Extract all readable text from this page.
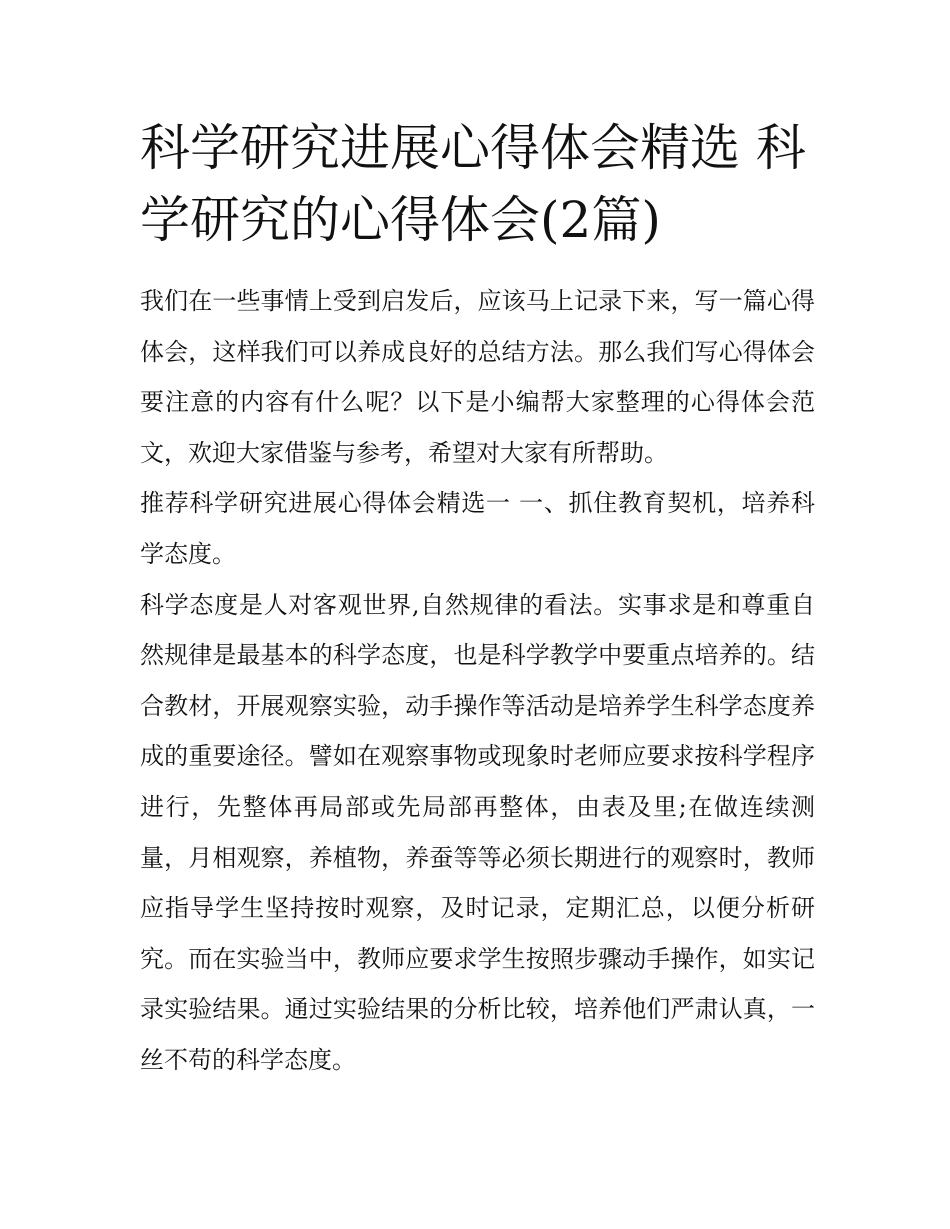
科学研究进展心得体会精选 科学研究的心得体会(2篇)

我们在一些事情上受到启发后，应该马上记录下来，写一篇心得体会，这样我们可以养成良好的总结方法。那么我们写心得体会要注意的内容有什么呢？以下是小编帮大家整理的心得体会范文，欢迎大家借鉴与参考，希望对大家有所帮助。

推荐科学研究进展心得体会精选一 一、抓住教育契机，培养科学态度。

科学态度是人对客观世界,自然规律的看法。实事求是和尊重自然规律是最基本的科学态度，也是科学教学中要重点培养的。结合教材，开展观察实验，动手操作等活动是培养学生科学态度养成的重要途径。譬如在观察事物或现象时老师应要求按科学程序进行，先整体再局部或先局部再整体，由表及里;在做连续测量，月相观察，养植物，养蚕等等必须长期进行的观察时，教师应指导学生坚持按时观察，及时记录，定期汇总，以便分析研究。而在实验当中，教师应要求学生按照步骤动手操作，如实记录实验结果。通过实验结果的分析比较，培养他们严肃认真，一丝不苟的科学态度。
